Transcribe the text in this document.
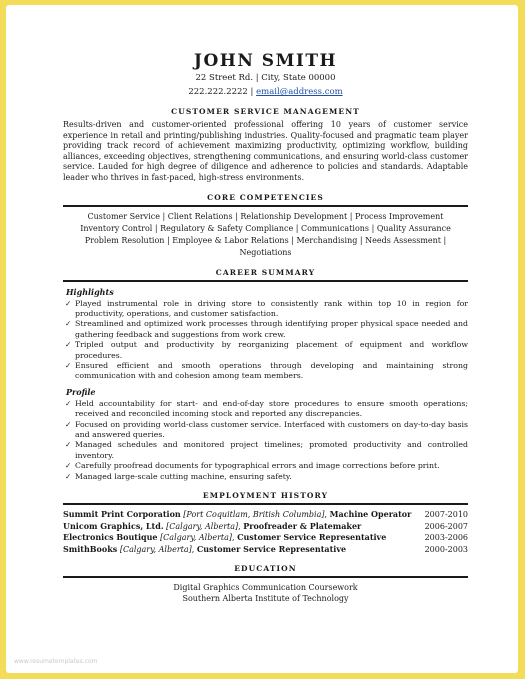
JOHN SMITH
22 Street Rd. | City, State 00000
222.222.2222 | email@address.com
CUSTOMER SERVICE MANAGEMENT
Results-driven and customer-oriented professional offering 10 years of customer service experience in retail and printing/publishing industries. Quality-focused and pragmatic team player providing track record of achievement maximizing productivity, optimizing workflow, building alliances, exceeding objectives, strengthening communications, and ensuring world-class customer service. Lauded for high degree of diligence and adherence to policies and standards. Adaptable leader who thrives in fast-paced, high-stress environments.
CORE COMPETENCIES
Customer Service | Client Relations | Relationship Development | Process Improvement
Inventory Control | Regulatory & Safety Compliance | Communications | Quality Assurance
Problem Resolution | Employee & Labor Relations | Merchandising | Needs Assessment | Negotiations
CAREER SUMMARY
Highlights
✓ Played instrumental role in driving store to consistently rank within top 10 in region for productivity, operations, and customer satisfaction.
✓ Streamlined and optimized work processes through identifying proper physical space needed and gathering feedback and suggestions from work crew.
✓ Tripled output and productivity by reorganizing placement of equipment and workflow procedures.
✓ Ensured efficient and smooth operations through developing and maintaining strong communication with and cohesion among team members.
Profile
✓ Held accountability for start- and end-of-day store procedures to ensure smooth operations; received and reconciled incoming stock and reported any discrepancies.
✓ Focused on providing world-class customer service. Interfaced with customers on day-to-day basis and answered queries.
✓ Managed schedules and monitored project timelines; promoted productivity and controlled inventory.
✓ Carefully proofread documents for typographical errors and image corrections before print.
✓ Managed large-scale cutting machine, ensuring safety.
EMPLOYMENT HISTORY
Summit Print Corporation [Port Coquitlam, British Columbia], Machine Operator 2007-2010
Unicom Graphics, Ltd. [Calgary, Alberta], Proofreader & Platemaker	2006-2007
Electronics Boutique [Calgary, Alberta], Customer Service Representative	2003-2006
SmithBooks [Calgary, Alberta], Customer Service Representative	2000-2003
EDUCATION
Digital Graphics Communication Coursework
Southern Alberta Institute of Technology
www.resumetemplates.com
